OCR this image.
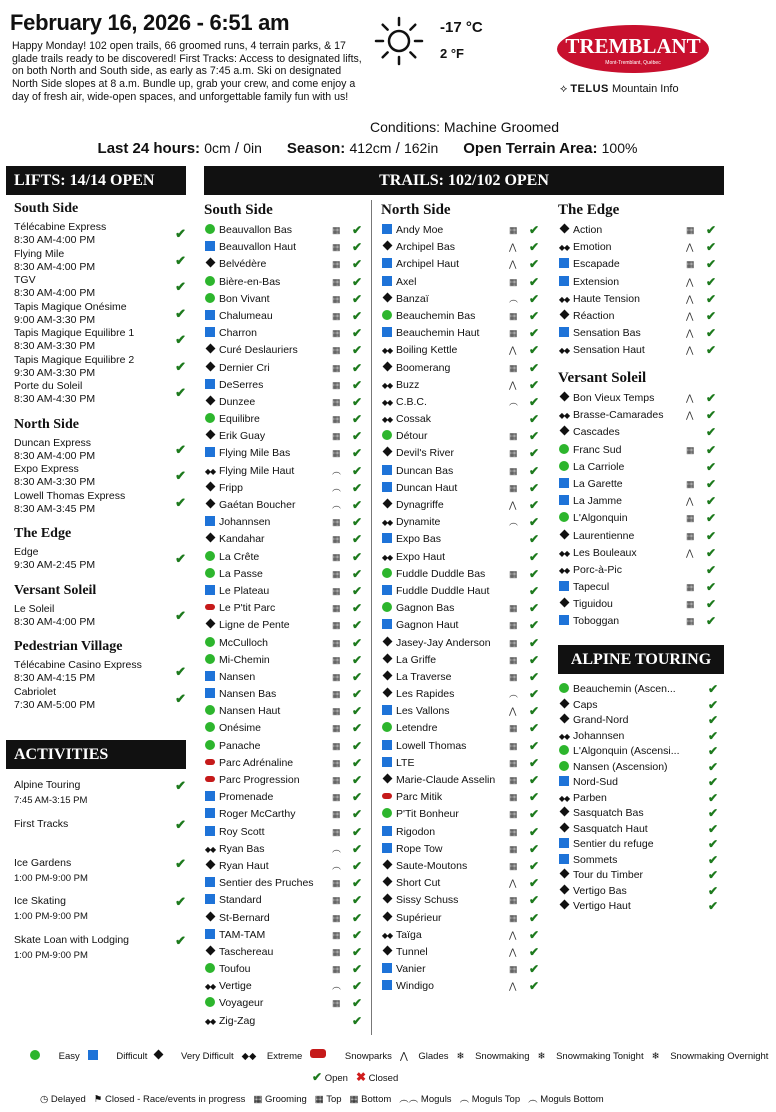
February 16, 2026 - 6:51 am
Happy Monday! 102 open trails, 66 groomed runs, 4 terrain parks, & 17 glade trails ready to be discovered! First Tracks: Access to designated lifts, on both North and South side, as early as 7:45 a.m. Ski on designated North Side slopes at 8 a.m. Bundle up, grab your crew, and come enjoy a day of fresh air, wide-open spaces, and unforgettable family fun with us!
-17 °C
2 °F	TREMBLANT
Mont-Tremblant, Québec
⟡ TELUS Mountain Info
Conditions: Machine Groomed
Last 24 hours: 0cm / 0in Season: 412cm / 162in Open Terrain Area: 100%
LIFTS: 14/14 OPEN	TRAILS: 102/102 OPEN
South Side
Télécabine Express
8:30 AM-4:00 PM	✔
Flying Mile
8:30 AM-4:00 PM	✔
TGV
8:30 AM-4:00 PM	✔
Tapis Magique Onésime
9:00 AM-3:30 PM	✔
Tapis Magique Equilibre 1
8:30 AM-3:30 PM	✔
Tapis Magique Equilibre 2
9:30 AM-3:30 PM	✔
Porte du Soleil
8:30 AM-4:30 PM	✔
North Side
Duncan Express
8:30 AM-4:00 PM	✔
Expo Express
8:30 AM-3:30 PM	✔
Lowell Thomas Express
8:30 AM-3:45 PM	✔
The Edge
Edge
9:30 AM-2:45 PM	✔
Versant Soleil
Le Soleil
8:30 AM-4:00 PM	✔
Pedestrian Village
Télécabine Casino Express
8:30 AM-4:15 PM	✔
Cabriolet
7:30 AM-5:00 PM	✔
ACTIVITIES
Alpine Touring
7:45 AM-3:15 PM
✔
First Tracks	✔
Ice Gardens
1:00 PM-9:00 PM
✔
Ice Skating
1:00 PM-9:00 PM
✔
Skate Loan with Lodging
1:00 PM-9:00 PM
✔
South Side
Beauvallon Bas	▦ ✔
Beauvallon Haut	▦ ✔
Belvédère	▦ ✔
Bière-en-Bas	▦ ✔
Bon Vivant	▦ ✔
Chalumeau	▦ ✔
Charron	▦ ✔
Curé Deslauriers	▦ ✔
Dernier Cri	▦ ✔
DeSerres	▦ ✔
Dunzee	▦ ✔
Equilibre	▦ ✔
Erik Guay	▦ ✔
Flying Mile Bas	▦ ✔
◆◆ Flying Mile Haut	︵ ✔
Fripp	︵ ✔
Gaétan Boucher	︵ ✔
Johannsen	▦ ✔
Kandahar	▦ ✔
La Crête	▦ ✔
La Passe	▦ ✔
Le Plateau	▦ ✔
Le P'tit Parc	▦ ✔
Ligne de Pente	▦ ✔
McCulloch	▦ ✔
Mi-Chemin	▦ ✔
Nansen	▦ ✔
Nansen Bas	▦ ✔
Nansen Haut	▦ ✔
Onésime	▦ ✔
Panache	▦ ✔
Parc Adrénaline	▦ ✔
Parc Progression	▦ ✔
Promenade	▦ ✔
Roger McCarthy	▦ ✔
Roy Scott	▦ ✔
◆◆ Ryan Bas	︵ ✔
Ryan Haut	︵ ✔
Sentier des Pruches	▦ ✔
Standard	▦ ✔
St-Bernard	▦ ✔
TAM-TAM	▦ ✔
Taschereau	▦ ✔
Toufou	▦ ✔
◆◆ Vertige	︵ ✔
Voyageur	▦ ✔
◆◆ Zig-Zag	✔
North Side
Andy Moe	▦ ✔
Archipel Bas	⋀ ✔
Archipel Haut	⋀ ✔
Axel	▦ ✔
Banzaï	︵ ✔
Beauchemin Bas	▦ ✔
Beauchemin Haut	▦ ✔
◆◆ Boiling Kettle	⋀ ✔
Boomerang	▦ ✔
◆◆ Buzz	⋀ ✔
◆◆ C.B.C.	︵ ✔
◆◆ Cossak	✔
Détour	▦ ✔
Devil's River	▦ ✔
Duncan Bas	▦ ✔
Duncan Haut	▦ ✔
Dynagriffe	⋀ ✔
◆◆ Dynamite	︵ ✔
Expo Bas	✔
◆◆ Expo Haut	✔
Fuddle Duddle Bas	▦ ✔
Fuddle Duddle Haut	✔
Gagnon Bas	▦ ✔
Gagnon Haut	▦ ✔
Jasey-Jay Anderson	▦ ✔
La Griffe	▦ ✔
La Traverse	▦ ✔
Les Rapides	︵ ✔
Les Vallons	⋀ ✔
Letendre	▦ ✔
Lowell Thomas	▦ ✔
LTE	▦ ✔
Marie-Claude Asselin	▦ ✔
Parc Mitik	▦ ✔
P'Tit Bonheur	▦ ✔
Rigodon	▦ ✔
Rope Tow	▦ ✔
Saute-Moutons	▦ ✔
Short Cut	⋀ ✔
Sissy Schuss	▦ ✔
Supérieur	▦ ✔
◆◆ Taïga	⋀ ✔
Tunnel	⋀ ✔
Vanier	▦ ✔
Windigo	⋀ ✔
The Edge
Action	▦ ✔
◆◆ Emotion	⋀ ✔
Escapade	▦ ✔
Extension	⋀ ✔
◆◆ Haute Tension	⋀ ✔
Réaction	⋀ ✔
Sensation Bas	⋀ ✔
◆◆ Sensation Haut	⋀ ✔
Versant Soleil
Bon Vieux Temps	⋀ ✔
◆◆ Brasse-Camarades	⋀ ✔
Cascades	✔
Franc Sud	▦ ✔
La Carriole	✔
La Garette	▦ ✔
La Jamme	⋀ ✔
L'Algonquin	▦ ✔
Laurentienne	▦ ✔
◆◆ Les Bouleaux	⋀ ✔
◆◆ Porc-à-Pic	✔
Tapecul	▦ ✔
Tiguidou	▦ ✔
Toboggan	▦ ✔
ALPINE TOURING
Beauchemin (Ascen...	✔
Caps	✔
Grand-Nord	✔
◆◆ Johannsen	✔
L'Algonquin (Ascensi... ✔
Nansen (Ascension)	✔
Nord-Sud	✔
◆◆ Parben	✔
Sasquatch Bas	✔
Sasquatch Haut	✔
Sentier du refuge	✔
Sommets	✔
Tour du Timber	✔
Vertigo Bas	✔
Vertigo Haut	✔
Easy	Difficult	Very Difficult ◆◆ Extreme	Snowparks ⋀ Glades ❄ Snowmaking ❄ Snowmaking Tonight ❄ Snowmaking Overnight
✔ Open ✖ Closed
◷ Delayed ⚑ Closed - Race/events in progress ▦ Grooming ▦ Top ▦ Bottom ︵︵ Moguls ︵ Moguls Top ︵ Moguls Bottom
